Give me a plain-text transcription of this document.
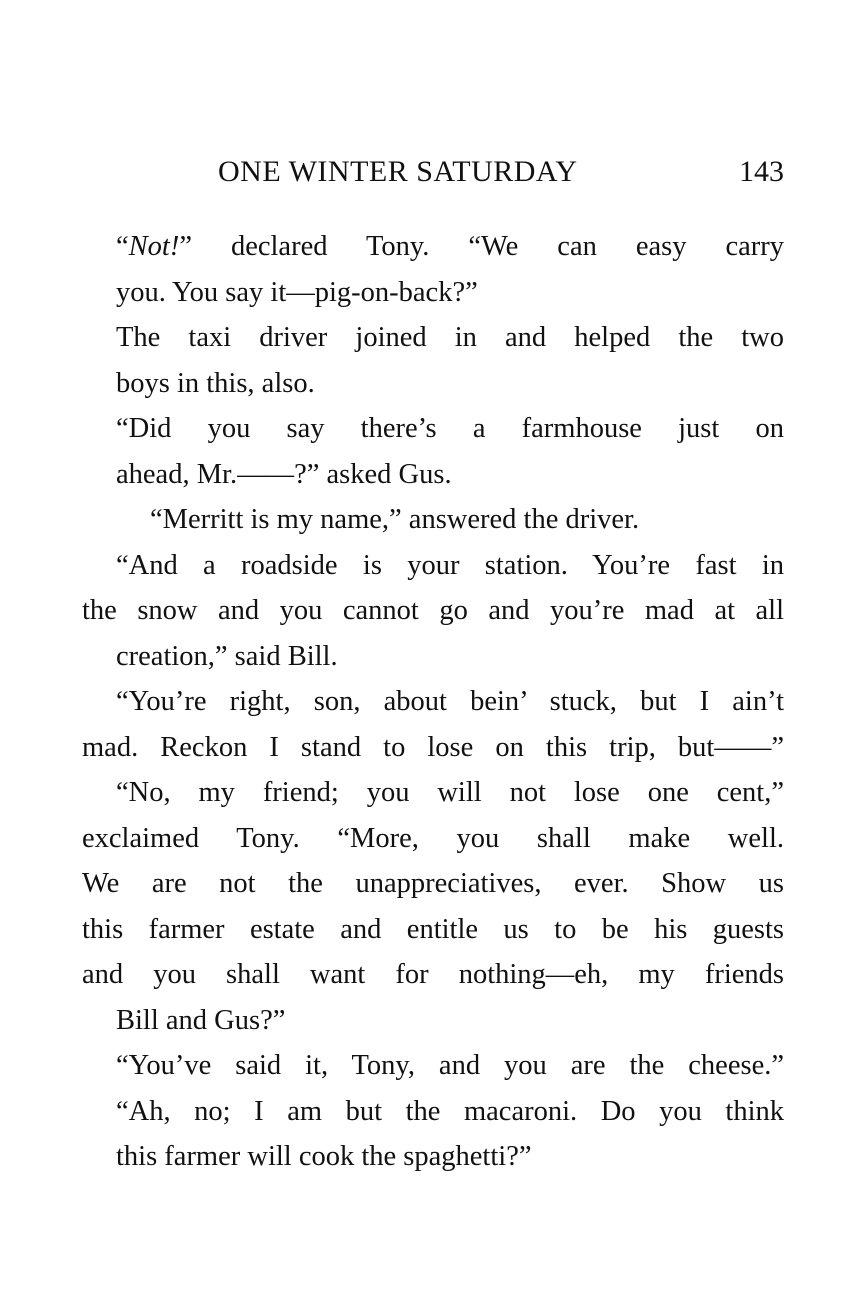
ONE WINTER SATURDAY	143
“Not!” declared Tony. “We can easy carry
you. You say it—pig-on-back?”
The taxi driver joined in and helped the two
boys in this, also.
“Did you say there’s a farmhouse just on
ahead, Mr.——?” asked Gus.
“Merritt is my name,” answered the driver.
“And a roadside is your station. You’re fast in
the snow and you cannot go and you’re mad at all
creation,” said Bill.
“You’re right, son, about bein’ stuck, but I ain’t
mad. Reckon I stand to lose on this trip, but——”
“No, my friend; you will not lose one cent,”
exclaimed Tony. “More, you shall make well.
We are not the unappreciatives, ever. Show us
this farmer estate and entitle us to be his guests
and you shall want for nothing—eh, my friends
Bill and Gus?”
“You’ve said it, Tony, and you are the cheese.”
“Ah, no; I am but the macaroni. Do you think
this farmer will cook the spaghetti?”
